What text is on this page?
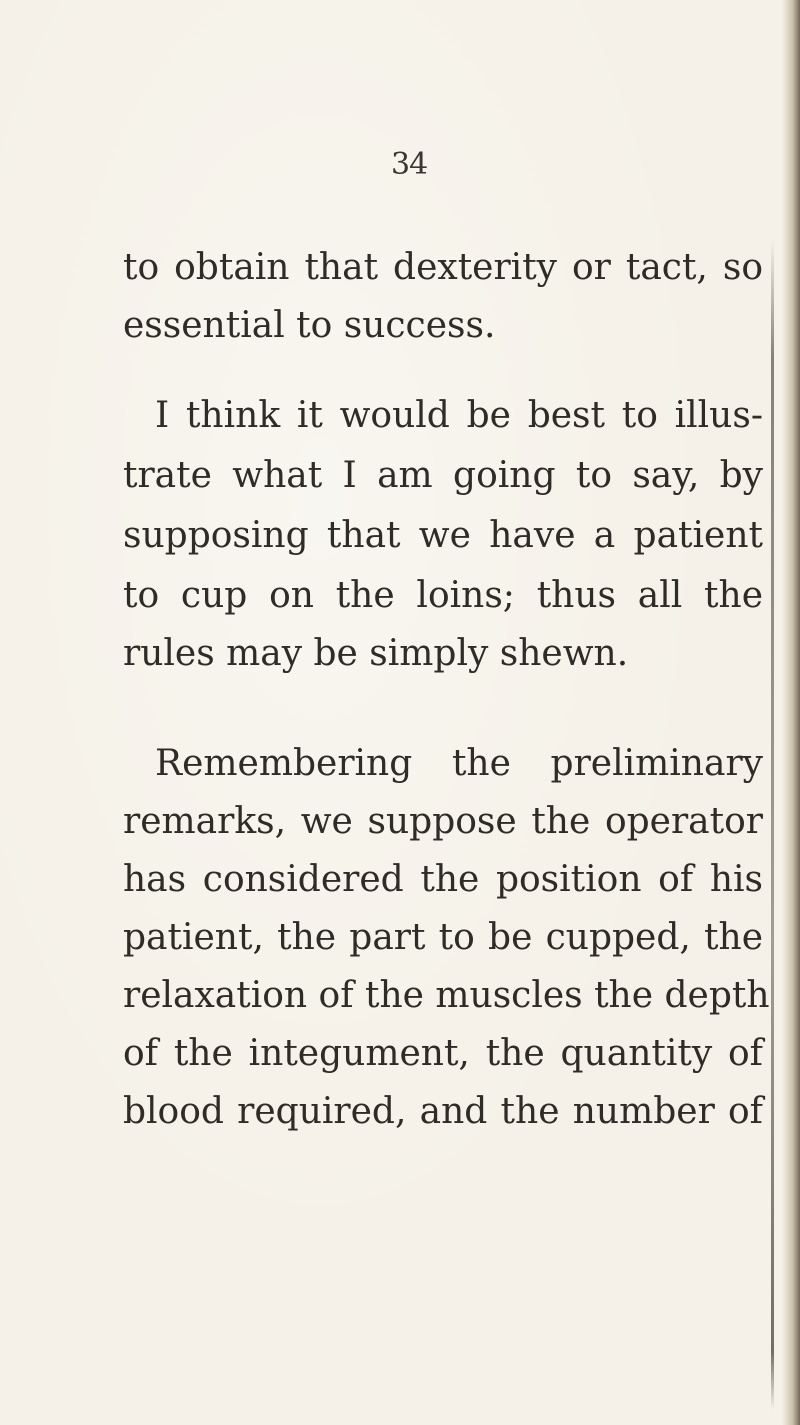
34
to obtain that dexterity or tact, so
essential to success.
I think it would be best to illus-
trate what I am going to say, by
supposing that we have a patient
to cup on the loins; thus all the
rules may be simply shewn.
Remembering the preliminary
remarks, we suppose the operator
has considered the position of his
patient, the part to be cupped, the
relaxation of the muscles the depth
of the integument, the quantity of
blood required, and the number of
